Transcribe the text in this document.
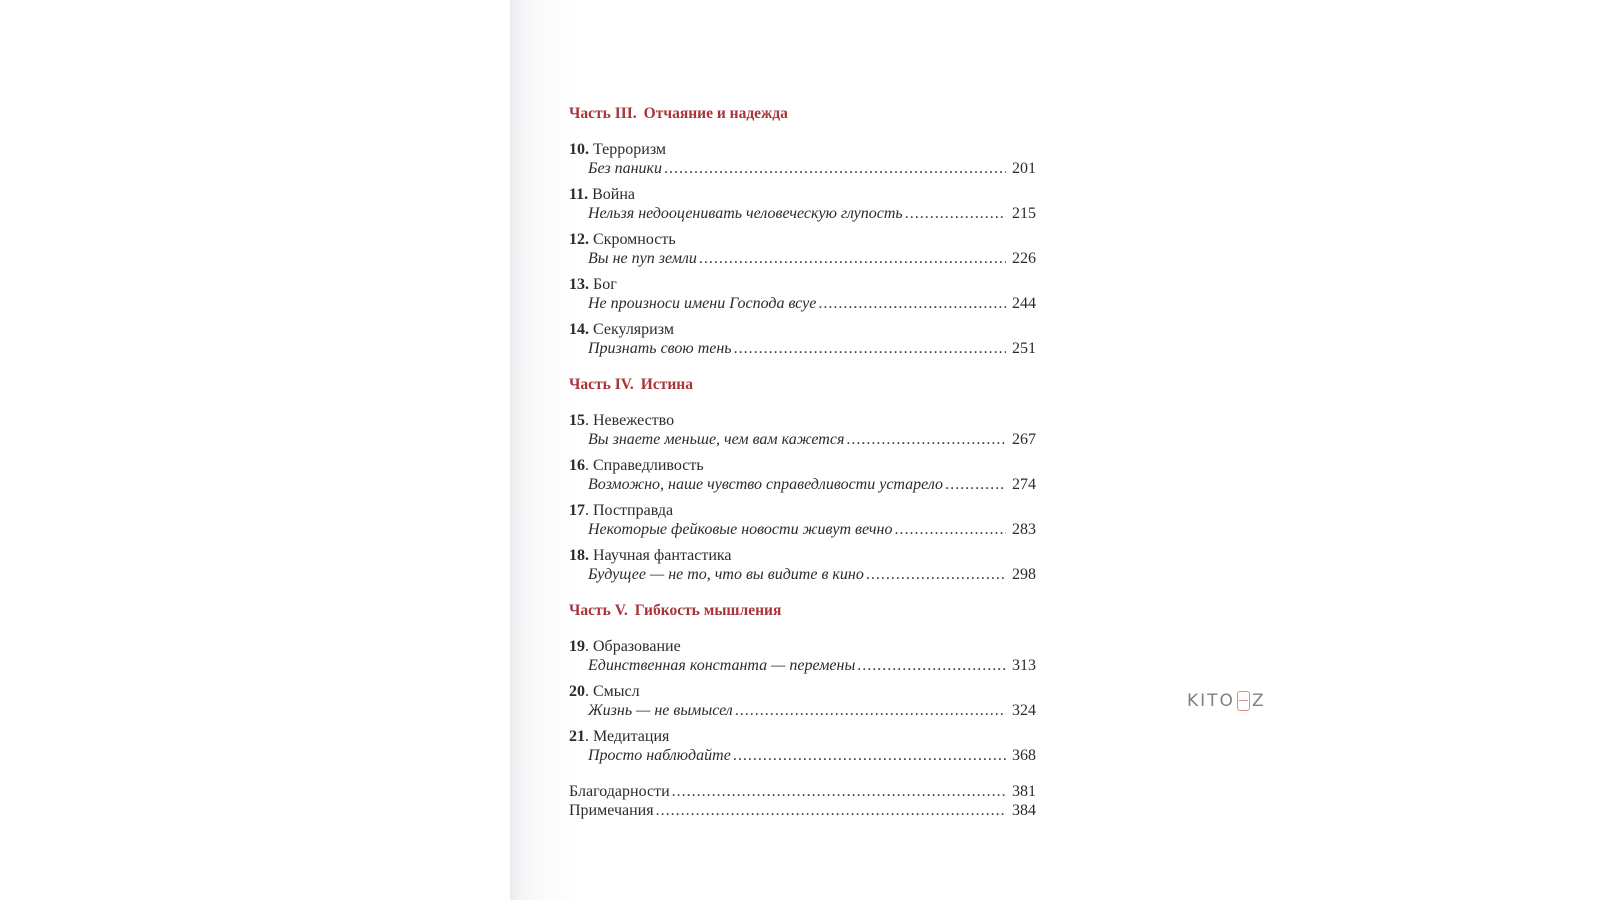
Часть III. Отчаяние и надежда
10. Терроризм
Без паники .....	201
11. Война
Нельзя недооценивать человеческую глупость .....	215
12. Скромность
Вы не пуп земли .....	226
13. Бог
Не произноси имени Господа всуе .....	244
14. Секуляризм
Признать свою тень .....	251
Часть IV. Истина
15. Невежество
Вы знаете меньше, чем вам кажется .....	267
16. Справедливость
Возможно, наше чувство справедливости устарело .....	274
17. Постправда
Некоторые фейковые новости живут вечно .....	283
18. Научная фантастика
Будущее — не то, что вы видите в кино .....	298
Часть V. Гибкость мышления
19. Образование
Единственная константа — перемены .....	313
20. Смысл
Жизнь — не вымысел .....	324
21. Медитация
Просто наблюдайте .....	368
Благодарности .....	381
Примечания .....	384
KITO Z
